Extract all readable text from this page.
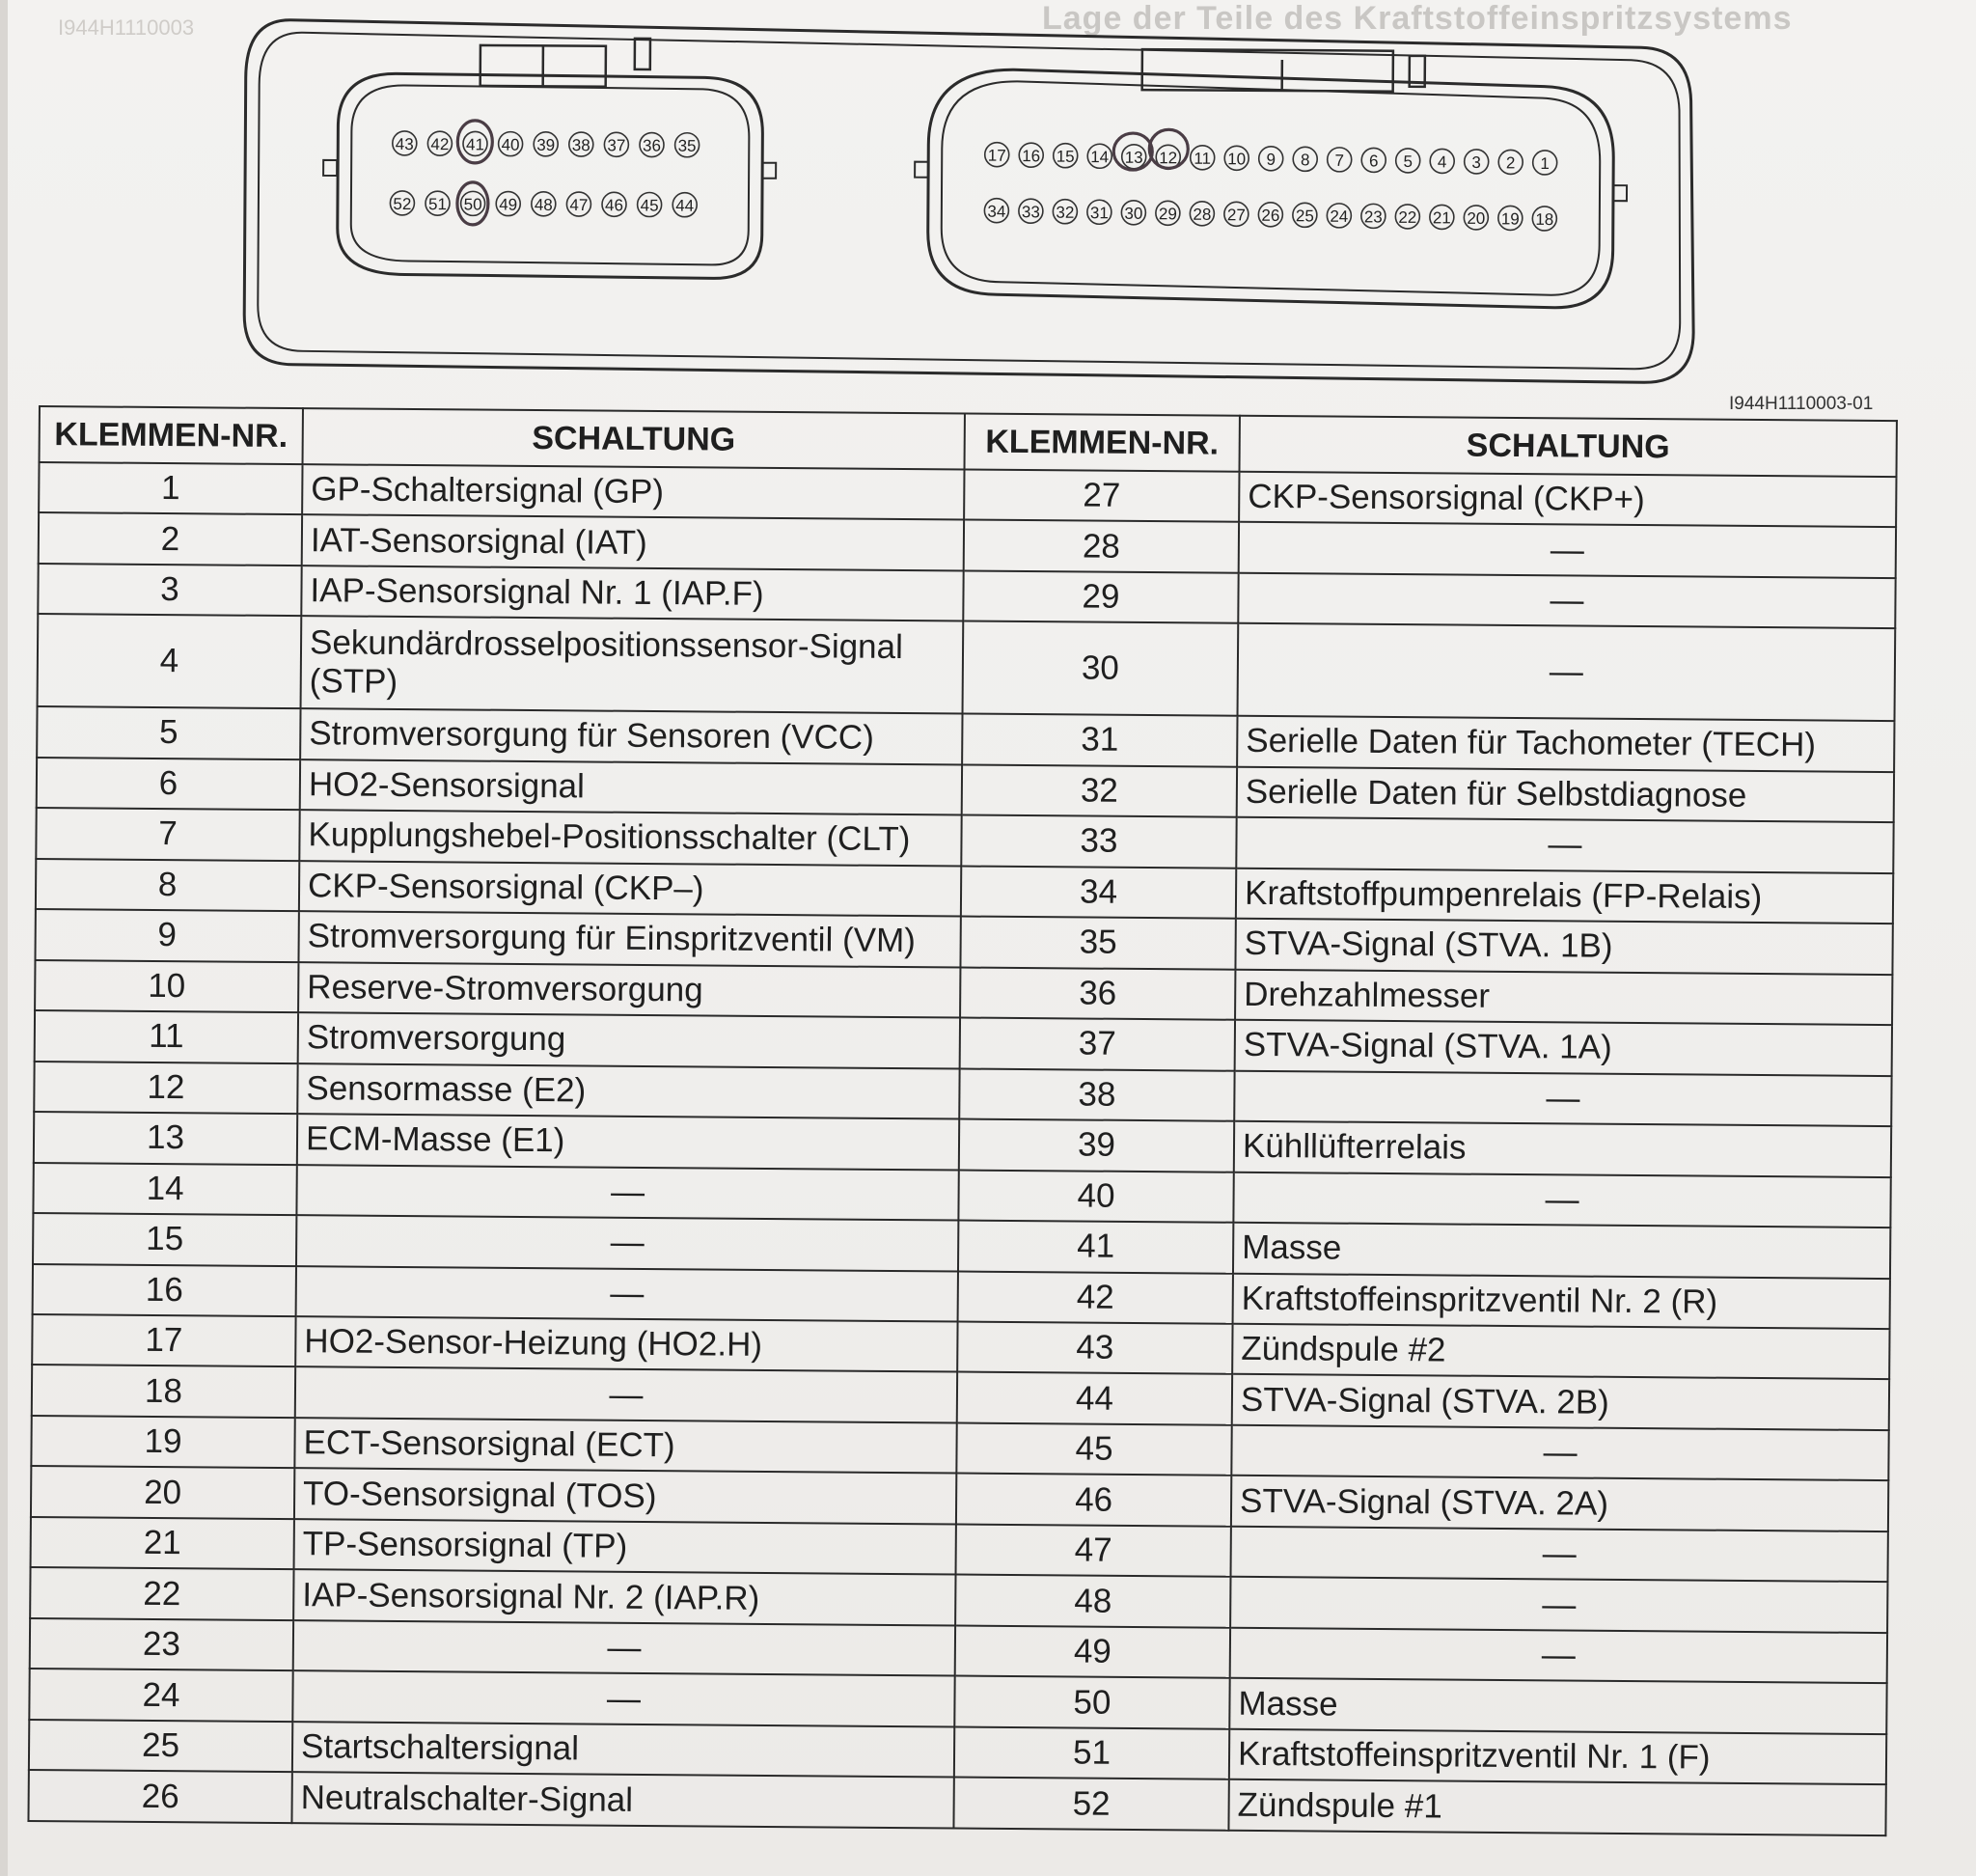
Lage der Teile des Kraftstoffeinspritzsystems
I944H1110003
43 42 41 40 39 38 37 36 35
52 51 50 49 48 47 46 45 44
17 16 15 14 13 12 11 10 9 8 7 6 5 4 3 2 1
34 33 32 31 30 29 28 27 26 25 24 23 22 21 20 19 18
I944H1110003-01
KLEMMEN-NR.	SCHALTUNG	KLEMMEN-NR.	SCHALTUNG
1	GP-Schaltersignal (GP)	27	CKP-Sensorsignal (CKP+)
2	IAT-Sensorsignal (IAT)	28	—
3	IAP-Sensorsignal Nr. 1 (IAP.F)	29	—
4	Sekundärdrosselpositionssensor-Signal (STP)	30	—
5	Stromversorgung für Sensoren (VCC)	31	Serielle Daten für Tachometer (TECH)
6	HO2-Sensorsignal	32	Serielle Daten für Selbstdiagnose
7	Kupplungshebel-Positionsschalter (CLT)	33	—
8	CKP-Sensorsignal (CKP–)	34	Kraftstoffpumpenrelais (FP-Relais)
9	Stromversorgung für Einspritzventil (VM)	35	STVA-Signal (STVA. 1B)
10	Reserve-Stromversorgung	36	Drehzahlmesser
11	Stromversorgung	37	STVA-Signal (STVA. 1A)
12	Sensormasse (E2)	38	—
13	ECM-Masse (E1)	39	Kühllüfterrelais
14	—	40	—
15	—	41	Masse
16	—	42	Kraftstoffeinspritzventil Nr. 2 (R)
17	HO2-Sensor-Heizung (HO2.H)	43	Zündspule #2
18	—	44	STVA-Signal (STVA. 2B)
19	ECT-Sensorsignal (ECT)	45	—
20	TO-Sensorsignal (TOS)	46	STVA-Signal (STVA. 2A)
21	TP-Sensorsignal (TP)	47	—
22	IAP-Sensorsignal Nr. 2 (IAP.R)	48	—
23	—	49	—
24	—	50	Masse
25	Startschaltersignal	51	Kraftstoffeinspritzventil Nr. 1 (F)
26	Neutralschalter-Signal	52	Zündspule #1
